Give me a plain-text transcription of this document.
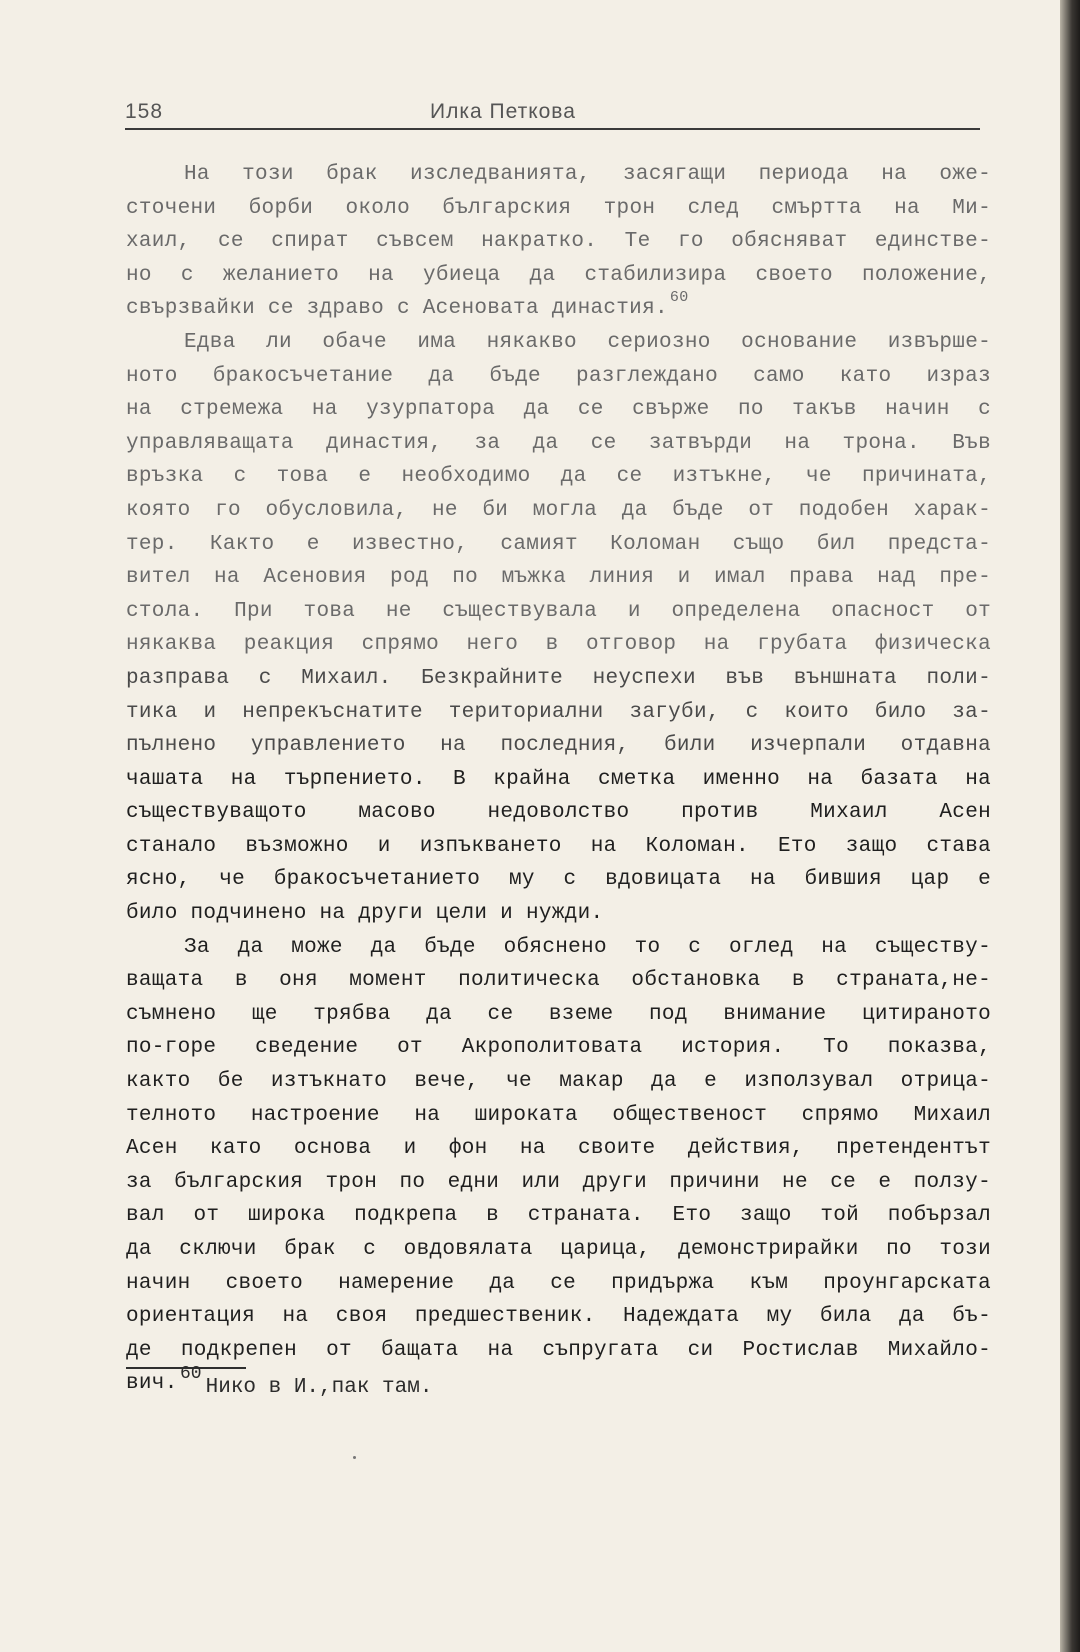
158	Илка Петкова
На този брак изследванията, засягащи периода на оже-
сточени борби около българския трон след смъртта на Ми-
хаил, се спират съвсем накратко. Те го обясняват единстве-
но с желанието на убиеца да стабилизира своето положение,
свързвайки се здраво с Асеновата династия. $^{60}$
Едва ли обаче има някакво сериозно основание извърше-
ното бракосъчетание да бъде разглеждано само като израз
на стремежа на узурпатора да се свърже по такъв начин с
управляващата династия, за да се затвърди на трона. Във
връзка с това е необходимо да се изтъкне, че причината,
която го обусловила, не би могла да бъде от подобен харак-
тер. Както е известно, самият Коломан също бил предста-
вител на Асеновия род по мъжка линия и имал права над пре-
стола. При това не съществувала и определена опасност от
някаква реакция спрямо него в отговор на грубата физическа
разправа с Михаил. Безкрайните неуспехи във външната поли-
тика и непрекъснатите териториални загуби, с които било за-
пълнено управлението на последния, били изчерпали отдавна
чашата на търпението. В крайна сметка именно на базата на
съществуващото масово недоволство против Михаил Асен
станало възможно и изпъкването на Коломан. Ето защо става
ясно, че бракосъчетанието му с вдовицата на бившия цар е
било подчинено на други цели и нужди.
За да може да бъде обяснено то с оглед на съществу-
ващата в оня момент политическа обстановка в страната,не-
съмнено ще трябва да се вземе под внимание цитираното
по-горе сведение от Акрополитовата история. То показва,
както бе изтъкнато вече, че макар да е използувал отрица-
телното настроение на широката общественост спрямо Михаил
Асен като основа и фон на своите действия, претендентът
за българския трон по едни или други причини не се е ползу-
вал от широка подкрепа в страната. Ето защо той побързал
да сключи брак с овдовялата царица, демонстрирайки по този
начин своето намерение да се придържа към проунгарската
ориентация на своя предшественик. Надеждата му била да бъ-
де подкрепен от бащата на съпругата си Ростислав Михайло-
вич. 60Нико в И.,пак там.
